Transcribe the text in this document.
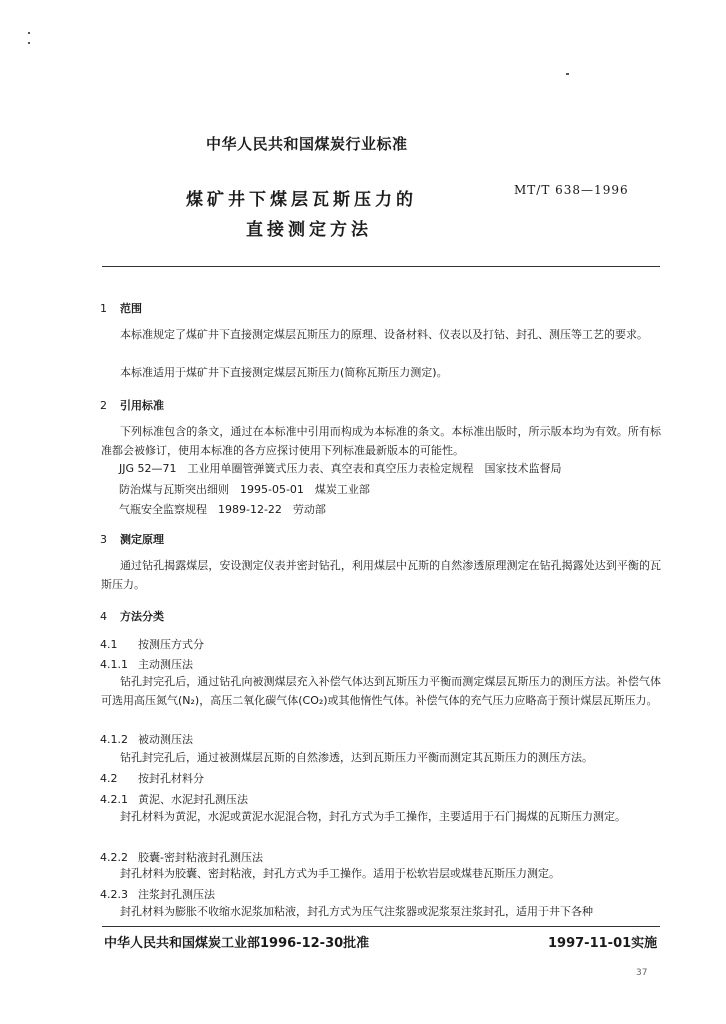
中华人民共和国煤炭行业标准
煤矿井下煤层瓦斯压力的
直接测定方法
MT/T 638—1996
1 范围
本标准规定了煤矿井下直接测定煤层瓦斯压力的原理、设备材料、仪表以及打钻、封孔、测压等工艺的要求。
本标准适用于煤矿井下直接测定煤层瓦斯压力(简称瓦斯压力测定)。
2 引用标准
下列标准包含的条文，通过在本标准中引用而构成为本标准的条文。本标准出版时，所示版本均为有效。所有标准都会被修订，使用本标准的各方应探讨使用下列标准最新版本的可能性。
JJG 52—71　工业用单圈管弹簧式压力表、真空表和真空压力表检定规程　国家技术监督局
防治煤与瓦斯突出细则　1995-05-01　煤炭工业部
气瓶安全监察规程　1989-12-22　劳动部
3 测定原理
通过钻孔揭露煤层，安设测定仪表并密封钻孔，利用煤层中瓦斯的自然渗透原理测定在钻孔揭露处达到平衡的瓦斯压力。
4 方法分类
4.1 按测压方式分
4.1.1 主动测压法
钻孔封完孔后，通过钻孔向被测煤层充入补偿气体达到瓦斯压力平衡而测定煤层瓦斯压力的测压方法。补偿气体可选用高压氮气(N₂)，高压二氧化碳气体(CO₂)或其他惰性气体。补偿气体的充气压力应略高于预计煤层瓦斯压力。
4.1.2 被动测压法
钻孔封完孔后，通过被测煤层瓦斯的自然渗透，达到瓦斯压力平衡而测定其瓦斯压力的测压方法。
4.2 按封孔材料分
4.2.1 黄泥、水泥封孔测压法
封孔材料为黄泥，水泥或黄泥水泥混合物，封孔方式为手工操作，主要适用于石门揭煤的瓦斯压力测定。
4.2.2 胶囊-密封粘液封孔测压法
封孔材料为胶囊、密封粘液，封孔方式为手工操作。适用于松软岩层或煤巷瓦斯压力测定。
4.2.3 注浆封孔测压法
封孔材料为膨胀不收缩水泥浆加粘液，封孔方式为压气注浆器或泥浆泵注浆封孔，适用于井下各种
中华人民共和国煤炭工业部1996-12-30批准	1997-11-01实施
37
